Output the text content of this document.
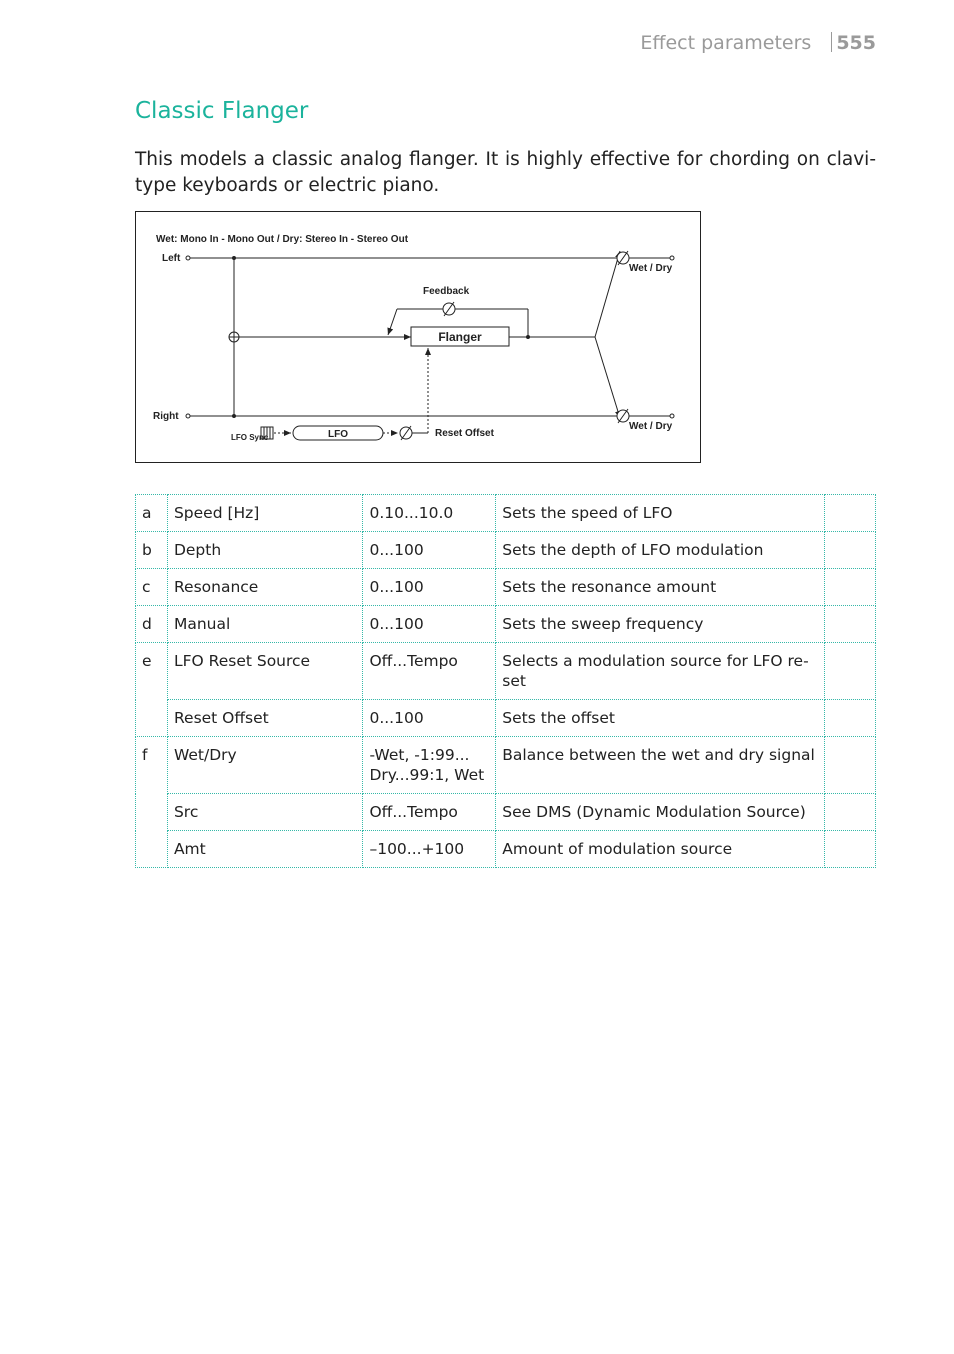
Effect parameters 555
Classic Flanger

This models a classic analog flanger. It is highly effective for chording on clavi-type keyboards or electric piano.

Wet: Mono In - Mono Out / Dry: Stereo In - Stereo Out
Left
Right
Feedback
Flanger
LFO
LFO Sync	Reset Offset
Wet / Dry
Wet / Dry
a	Speed [Hz]	0.10...10.0	Sets the speed of LFO	
b	Depth	0...100	Sets the depth of LFO modulation	
c	Resonance	0...100	Sets the resonance amount	
d	Manual	0...100	Sets the sweep frequency	
e	LFO Reset Source	Off...Tempo	Selects a modulation source for LFO re-set	
	Reset Offset	0...100	Sets the offset	
f	Wet/Dry	-Wet, -1:99... Dry...99:1, Wet	Balance between the wet and dry signal	
	Src	Off...Tempo	See DMS (Dynamic Modulation Source)	
	Amt	–100...+100	Amount of modulation source	
